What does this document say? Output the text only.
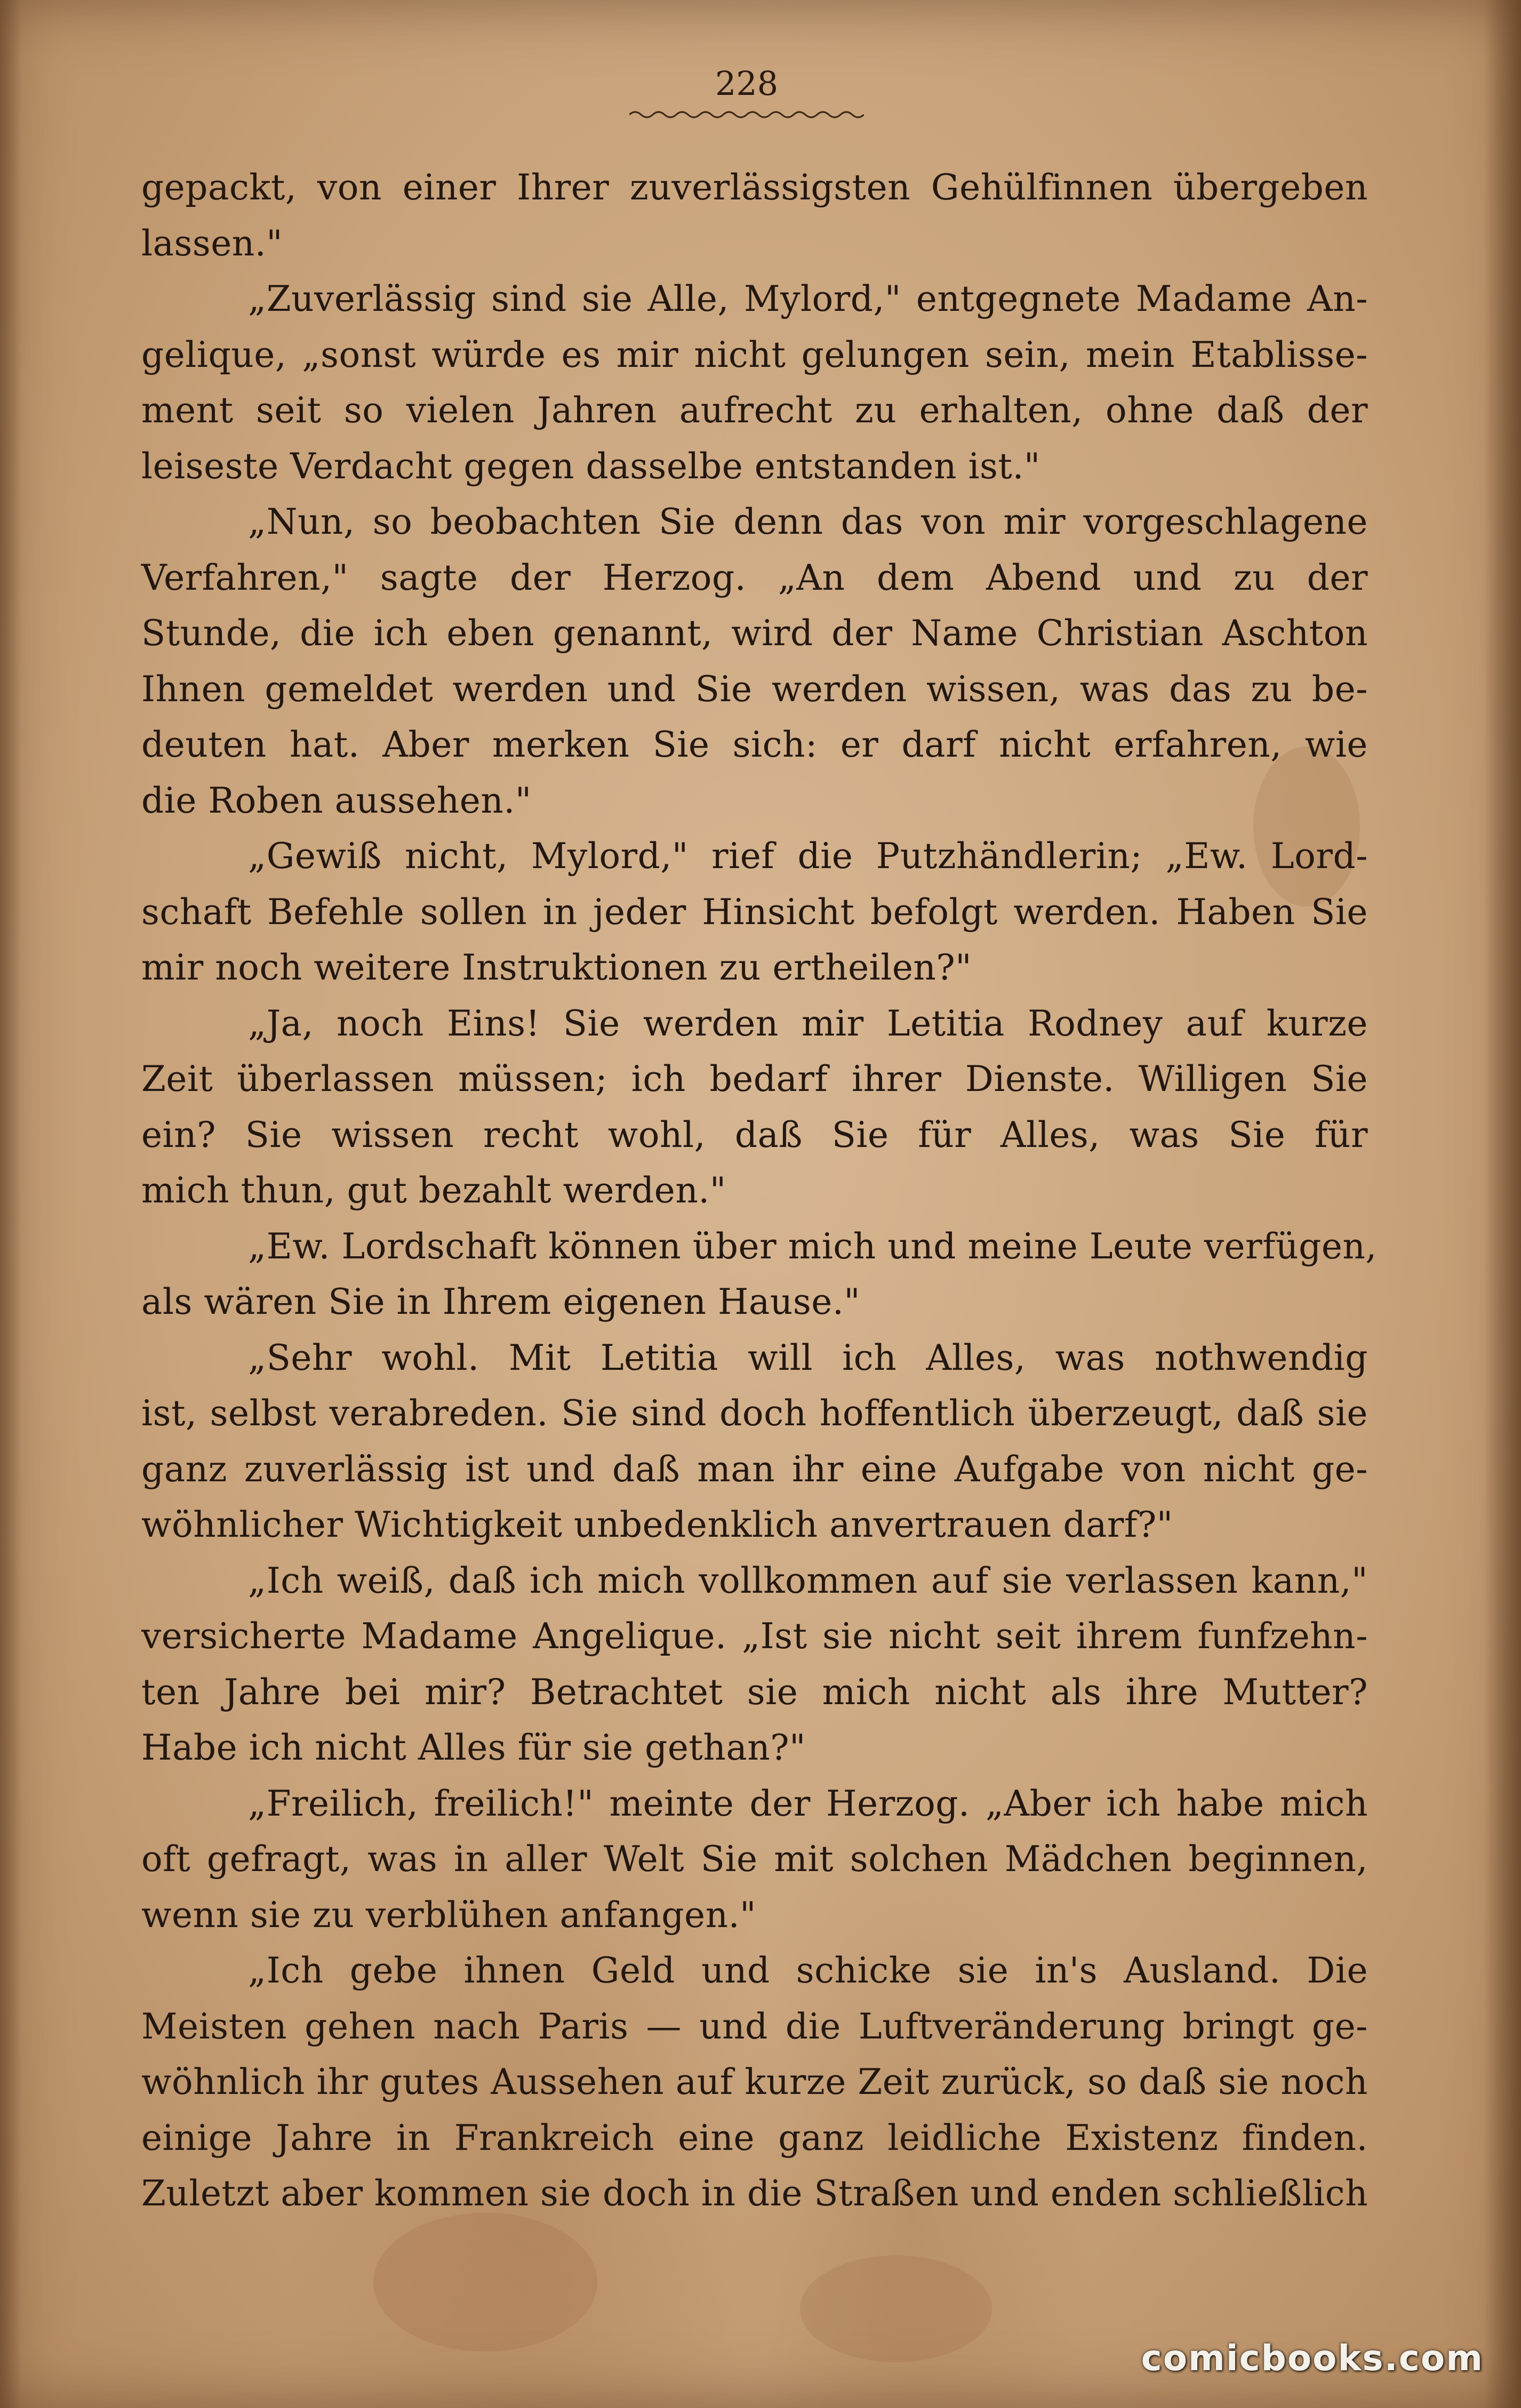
228
gepackt, von einer Ihrer zuverlässigsten Gehülfinnen übergeben
lassen."
„Zuverlässig sind sie Alle, Mylord," entgegnete Madame An-
gelique, „sonst würde es mir nicht gelungen sein, mein Etablisse-
ment seit so vielen Jahren aufrecht zu erhalten, ohne daß der
leiseste Verdacht gegen dasselbe entstanden ist."
„Nun, so beobachten Sie denn das von mir vorgeschlagene
Verfahren," sagte der Herzog. „An dem Abend und zu der
Stunde, die ich eben genannt, wird der Name Christian Aschton
Ihnen gemeldet werden und Sie werden wissen, was das zu be-
deuten hat. Aber merken Sie sich: er darf nicht erfahren, wie
die Roben aussehen."
„Gewiß nicht, Mylord," rief die Putzhändlerin; „Ew. Lord-
schaft Befehle sollen in jeder Hinsicht befolgt werden. Haben Sie
mir noch weitere Instruktionen zu ertheilen?"
„Ja, noch Eins! Sie werden mir Letitia Rodney auf kurze
Zeit überlassen müssen; ich bedarf ihrer Dienste. Willigen Sie
ein? Sie wissen recht wohl, daß Sie für Alles, was Sie für
mich thun, gut bezahlt werden."
„Ew. Lordschaft können über mich und meine Leute verfügen,
als wären Sie in Ihrem eigenen Hause."
„Sehr wohl. Mit Letitia will ich Alles, was nothwendig
ist, selbst verabreden. Sie sind doch hoffentlich überzeugt, daß sie
ganz zuverlässig ist und daß man ihr eine Aufgabe von nicht ge-
wöhnlicher Wichtigkeit unbedenklich anvertrauen darf?"
„Ich weiß, daß ich mich vollkommen auf sie verlassen kann,"
versicherte Madame Angelique. „Ist sie nicht seit ihrem funfzehn-
ten Jahre bei mir? Betrachtet sie mich nicht als ihre Mutter?
Habe ich nicht Alles für sie gethan?"
„Freilich, freilich!" meinte der Herzog. „Aber ich habe mich
oft gefragt, was in aller Welt Sie mit solchen Mädchen beginnen,
wenn sie zu verblühen anfangen."
„Ich gebe ihnen Geld und schicke sie in's Ausland. Die
Meisten gehen nach Paris — und die Luftveränderung bringt ge-
wöhnlich ihr gutes Aussehen auf kurze Zeit zurück, so daß sie noch
einige Jahre in Frankreich eine ganz leidliche Existenz finden.
Zuletzt aber kommen sie doch in die Straßen und enden schließlich
comicbooks.com
